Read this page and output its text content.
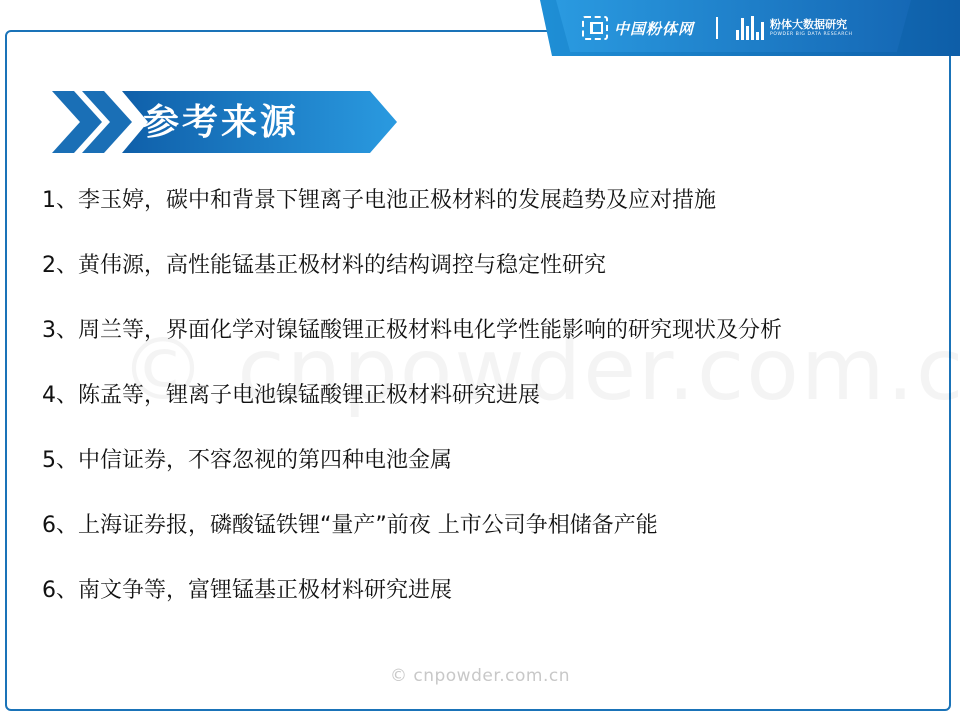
中国粉体网	粉体大数据研究
POWDER BIG DATA RESEARCH
参考来源
1、李玉婷，碳中和背景下锂离子电池正极材料的发展趋势及应对措施
2、黄伟源，高性能锰基正极材料的结构调控与稳定性研究
3、周兰等，界面化学对镍锰酸锂正极材料电化学性能影响的研究现状及分析
4、陈孟等，锂离子电池镍锰酸锂正极材料研究进展
5、中信证券，不容忽视的第四种电池金属
6、上海证券报，磷酸锰铁锂“量产”前夜 上市公司争相储备产能
6、南文争等，富锂锰基正极材料研究进展
© cnpowder.com.cn
